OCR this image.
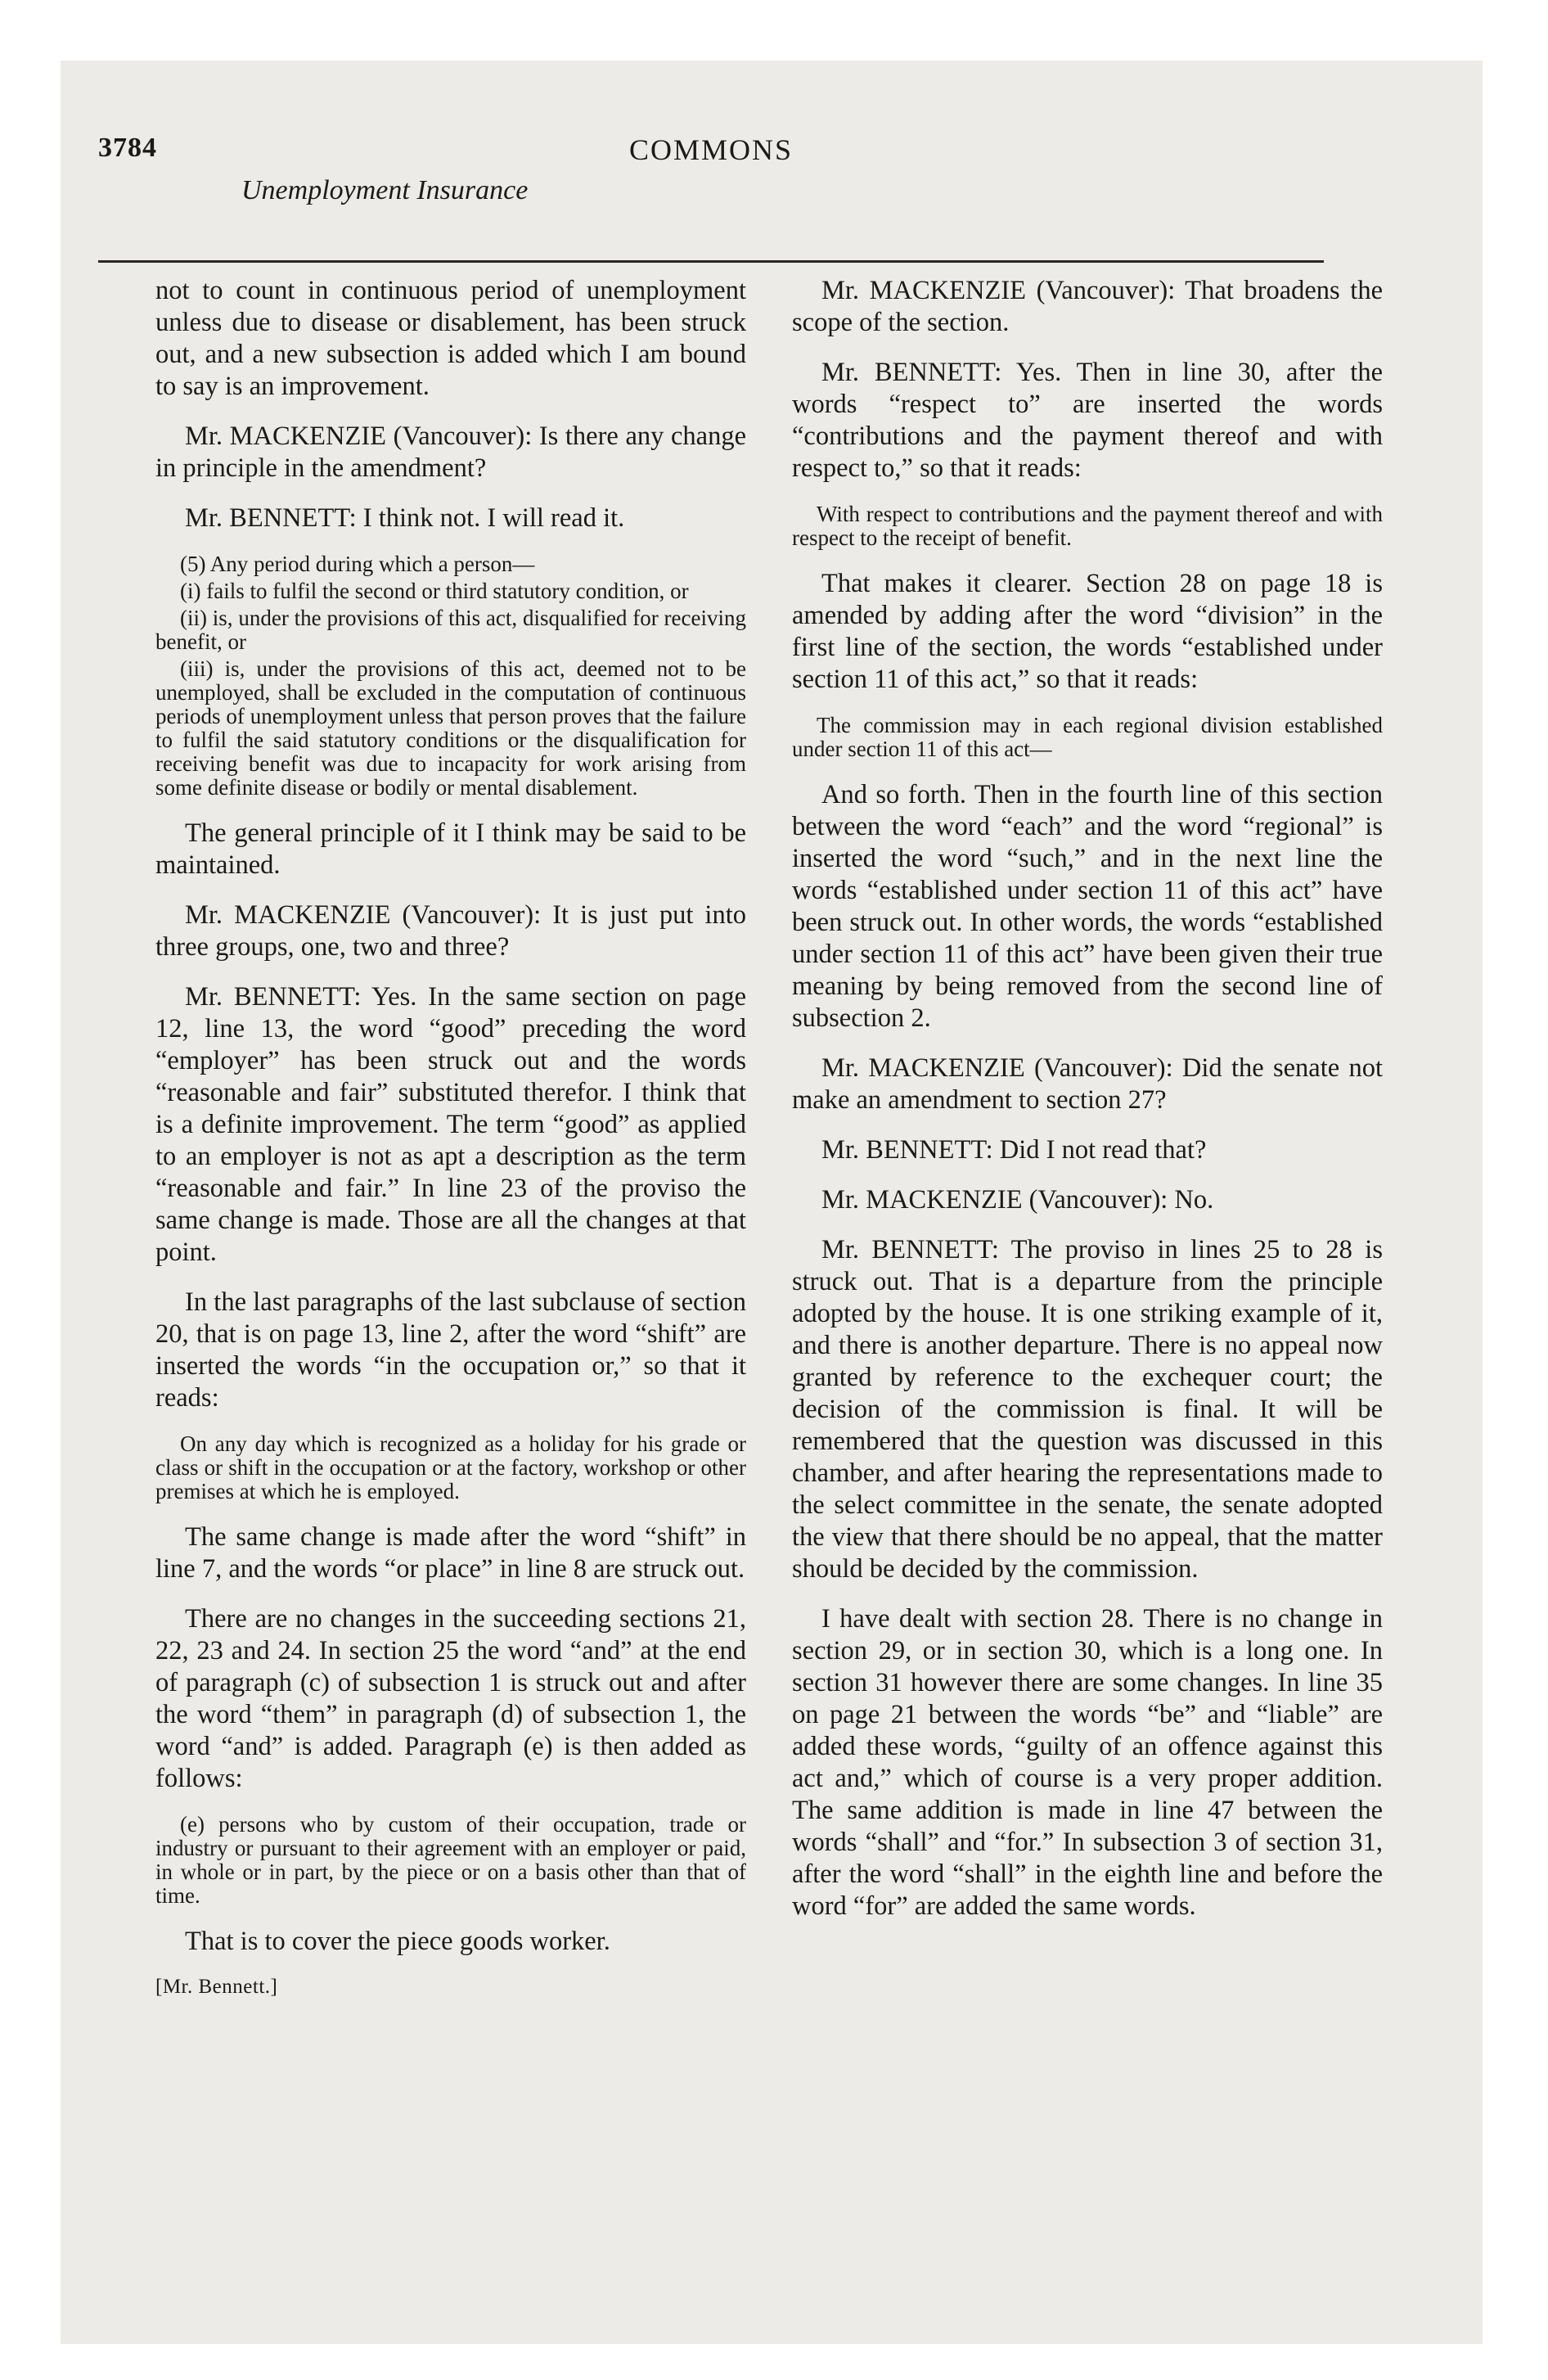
3784	COMMONS
Unemployment Insurance

not to count in continuous period of unemployment unless due to disease or disablement, has been struck out, and a new subsection is added which I am bound to say is an improvement.

Mr. MACKENZIE (Vancouver): Is there any change in principle in the amendment?

Mr. BENNETT: I think not. I will read it.

(5) Any period during which a person—

(i) fails to fulfil the second or third statutory condition, or

(ii) is, under the provisions of this act, disqualified for receiving benefit, or

(iii) is, under the provisions of this act, deemed not to be unemployed, shall be excluded in the computation of continuous periods of unemployment unless that person proves that the failure to fulfil the said statutory conditions or the disqualification for receiving benefit was due to incapacity for work arising from some definite disease or bodily or mental disablement.

The general principle of it I think may be said to be maintained.

Mr. MACKENZIE (Vancouver): It is just put into three groups, one, two and three?

Mr. BENNETT: Yes. In the same section on page 12, line 13, the word “good” preceding the word “employer” has been struck out and the words “reasonable and fair” substituted therefor. I think that is a definite improvement. The term “good” as applied to an employer is not as apt a description as the term “reasonable and fair.” In line 23 of the proviso the same change is made. Those are all the changes at that point.

In the last paragraphs of the last subclause of section 20, that is on page 13, line 2, after the word “shift” are inserted the words “in the occupation or,” so that it reads:

On any day which is recognized as a holiday for his grade or class or shift in the occupation or at the factory, workshop or other premises at which he is employed.

The same change is made after the word “shift” in line 7, and the words “or place” in line 8 are struck out.

There are no changes in the succeeding sections 21, 22, 23 and 24. In section 25 the word “and” at the end of paragraph (c) of subsection 1 is struck out and after the word “them” in paragraph (d) of subsection 1, the word “and” is added. Paragraph (e) is then added as follows:

(e) persons who by custom of their occupation, trade or industry or pursuant to their agreement with an employer or paid, in whole or in part, by the piece or on a basis other than that of time.

That is to cover the piece goods worker.

[Mr. Bennett.]

Mr. MACKENZIE (Vancouver): That broadens the scope of the section.

Mr. BENNETT: Yes. Then in line 30, after the words “respect to” are inserted the words “contributions and the payment thereof and with respect to,” so that it reads:

With respect to contributions and the payment thereof and with respect to the receipt of benefit.

That makes it clearer. Section 28 on page 18 is amended by adding after the word “division” in the first line of the section, the words “established under section 11 of this act,” so that it reads:

The commission may in each regional division established under section 11 of this act—

And so forth. Then in the fourth line of this section between the word “each” and the word “regional” is inserted the word “such,” and in the next line the words “established under section 11 of this act” have been struck out. In other words, the words “established under section 11 of this act” have been given their true meaning by being removed from the second line of subsection 2.

Mr. MACKENZIE (Vancouver): Did the senate not make an amendment to section 27?

Mr. BENNETT: Did I not read that?

Mr. MACKENZIE (Vancouver): No.

Mr. BENNETT: The proviso in lines 25 to 28 is struck out. That is a departure from the principle adopted by the house. It is one striking example of it, and there is another departure. There is no appeal now granted by reference to the exchequer court; the decision of the commission is final. It will be remembered that the question was discussed in this chamber, and after hearing the representations made to the select committee in the senate, the senate adopted the view that there should be no appeal, that the matter should be decided by the commission.

I have dealt with section 28. There is no change in section 29, or in section 30, which is a long one. In section 31 however there are some changes. In line 35 on page 21 between the words “be” and “liable” are added these words, “guilty of an offence against this act and,” which of course is a very proper addition. The same addition is made in line 47 between the words “shall” and “for.” In subsection 3 of section 31, after the word “shall” in the eighth line and before the word “for” are added the same words.
